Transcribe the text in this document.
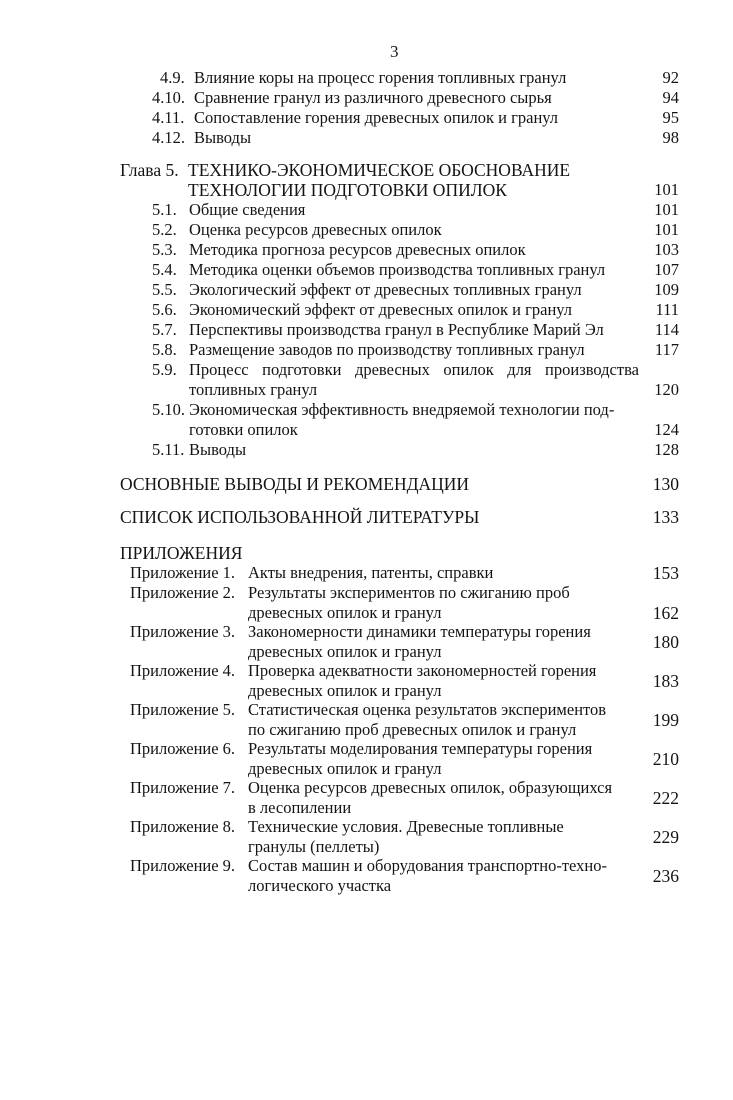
3
4.9. Влияние коры на процесс горения топливных гранул	92
4.10. Сравнение гранул из различного древесного сырья	94
4.11. Сопоставление горения древесных опилок и гранул	95
4.12. Выводы	98
Глава 5. ТЕХНИКО-ЭКОНОМИЧЕСКОЕ ОБОСНОВАНИЕ
ТЕХНОЛОГИИ ПОДГОТОВКИ ОПИЛОК	101
5.1. Общие сведения	101
5.2. Оценка ресурсов древесных опилок	101
5.3. Методика прогноза ресурсов древесных опилок	103
5.4. Методика оценки объемов производства топливных гранул	107
5.5. Экологический эффект от древесных топливных гранул	109
5.6. Экономический эффект от древесных опилок и гранул	111
5.7. Перспективы производства гранул в Республике Марий Эл	114
5.8. Размещение заводов по производству топливных гранул	117
5.9. Процесс подготовки древесных опилок для производства
топливных гранул	120
5.10. Экономическая эффективность внедряемой технологии под-
готовки опилок	124
5.11. Выводы	128
ОСНОВНЫЕ ВЫВОДЫ И РЕКОМЕНДАЦИИ	130
СПИСОК ИСПОЛЬЗОВАННОЙ ЛИТЕРАТУРЫ	133
ПРИЛОЖЕНИЯ
Приложение 1. Акты внедрения, патенты, справки	153
Приложение 2. Результаты экспериментов по сжиганию проб
древесных опилок и гранул	162
Приложение 3. Закономерности динамики температуры горения
древесных опилок и гранул	180
Приложение 4. Проверка адекватности закономерностей горения
древесных опилок и гранул	183
Приложение 5. Статистическая оценка результатов экспериментов
по сжиганию проб древесных опилок и гранул	199
Приложение 6. Результаты моделирования температуры горения
древесных опилок и гранул	210
Приложение 7. Оценка ресурсов древесных опилок, образующихся
в лесопилении	222
Приложение 8. Технические условия. Древесные топливные
гранулы (пеллеты)	229
Приложение 9. Состав машин и оборудования транспортно-техно-
логического участка	236
